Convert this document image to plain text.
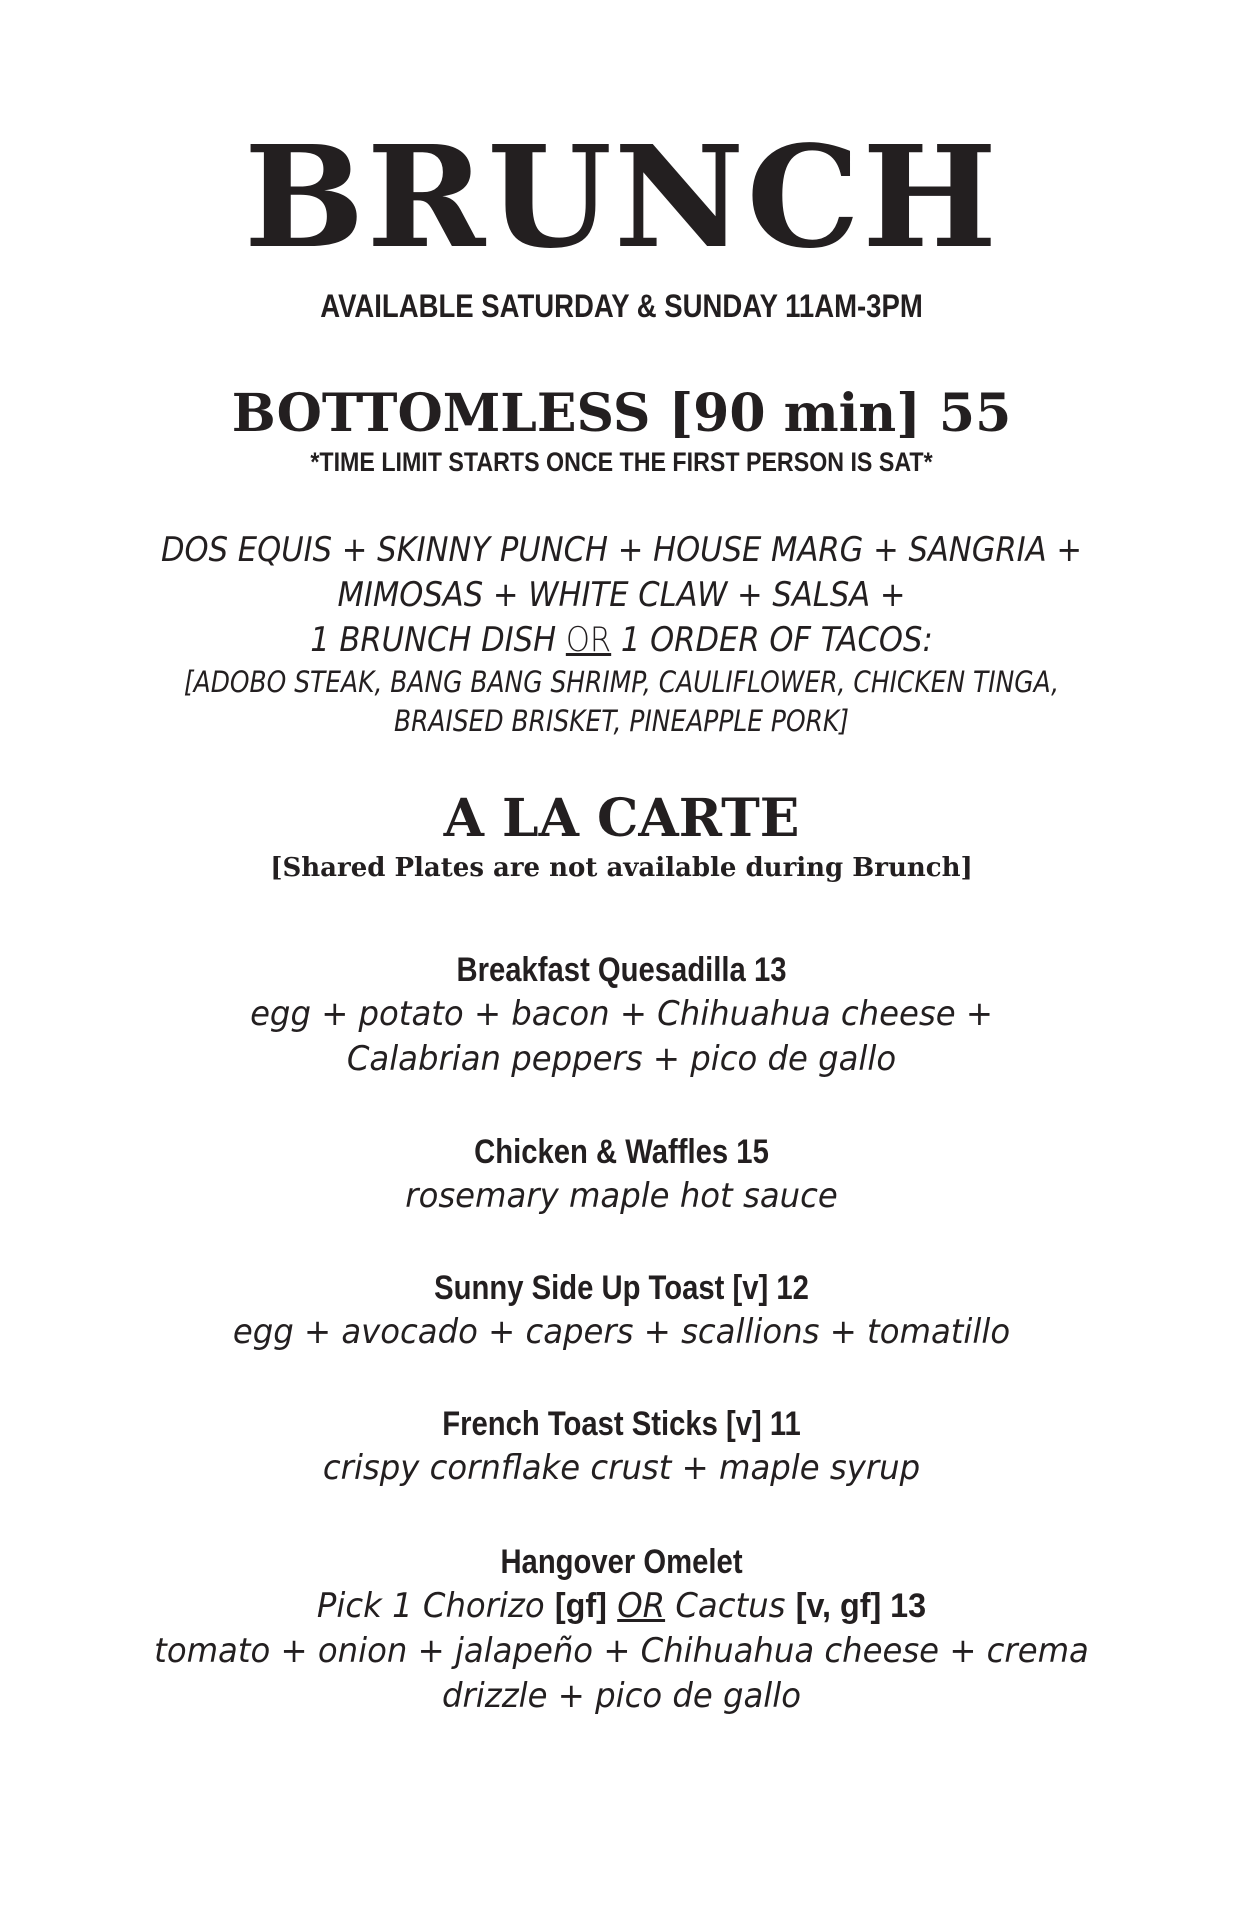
BRUNCH
AVAILABLE SATURDAY & SUNDAY 11AM-3PM
BOTTOMLESS [90 min] 55
*TIME LIMIT STARTS ONCE THE FIRST PERSON IS SAT*
DOS EQUIS + SKINNY PUNCH + HOUSE MARG + SANGRIA +
MIMOSAS + WHITE CLAW + SALSA +
1 BRUNCH DISH OR 1 ORDER OF TACOS:
[ADOBO STEAK, BANG BANG SHRIMP, CAULIFLOWER, CHICKEN TINGA,
BRAISED BRISKET, PINEAPPLE PORK]
A LA CARTE
[Shared Plates are not available during Brunch]
Breakfast Quesadilla 13
egg + potato + bacon + Chihuahua cheese +
Calabrian peppers + pico de gallo
Chicken & Waffles 15
rosemary maple hot sauce
Sunny Side Up Toast [v] 12
egg + avocado + capers + scallions + tomatillo
French Toast Sticks [v] 11
crispy cornflake crust + maple syrup
Hangover Omelet
Pick 1 Chorizo [gf] OR Cactus [v, gf] 13
tomato + onion + jalapeño + Chihuahua cheese + crema
drizzle + pico de gallo
